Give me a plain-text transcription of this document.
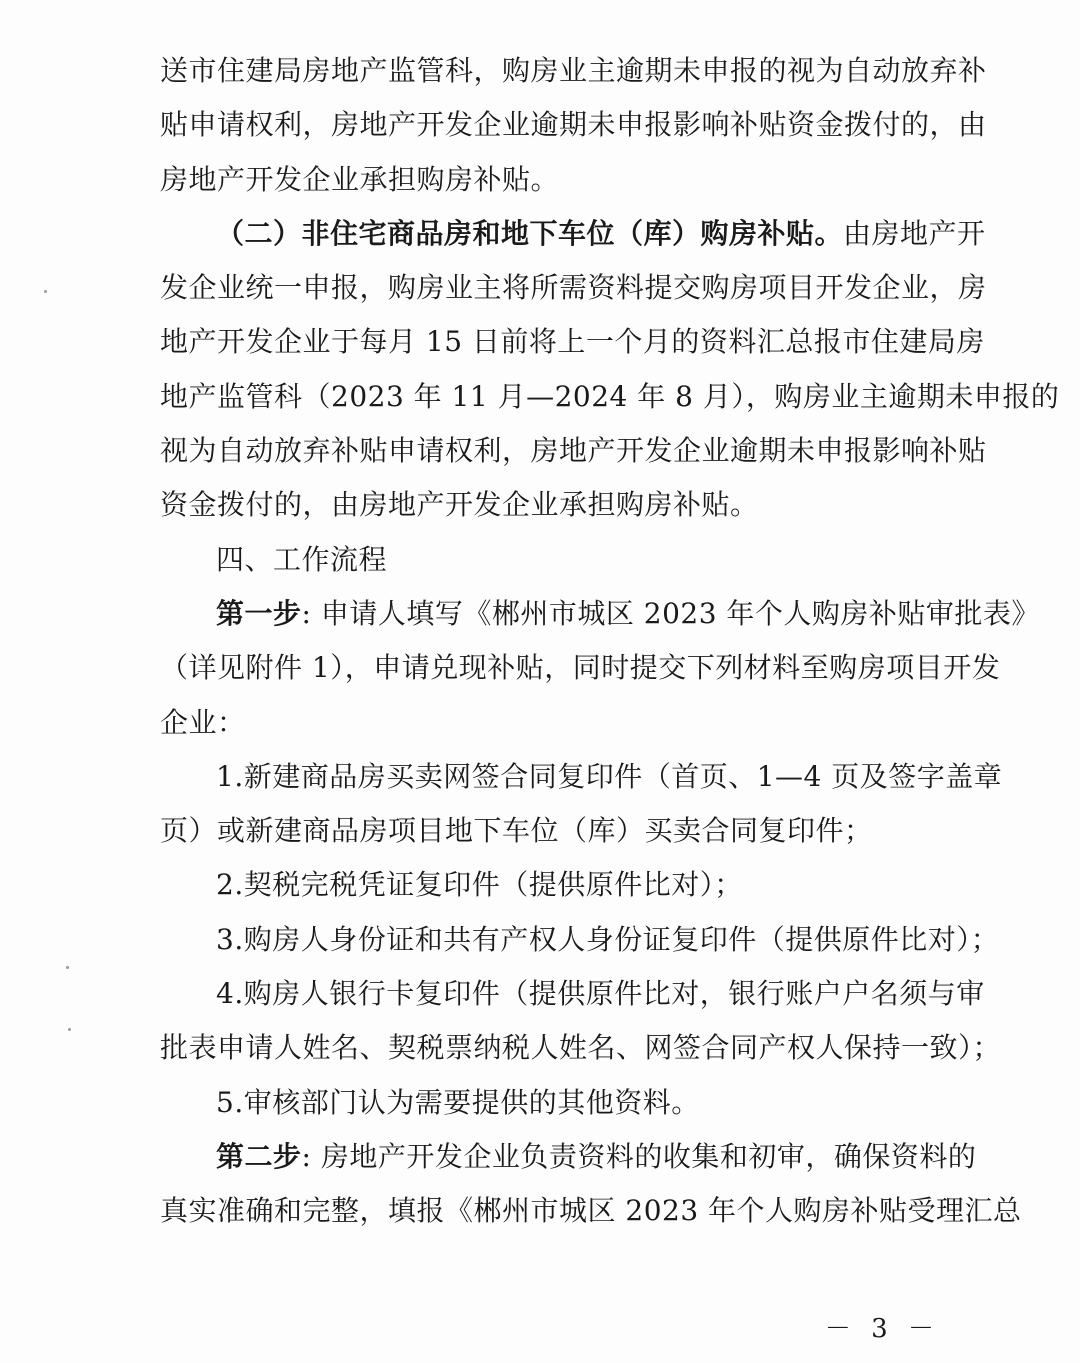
送市住建局房地产监管科，购房业主逾期未申报的视为自动放弃补
贴申请权利，房地产开发企业逾期未申报影响补贴资金拨付的，由
房地产开发企业承担购房补贴。
（二）非住宅商品房和地下车位（库）购房补贴。由房地产开
发企业统一申报，购房业主将所需资料提交购房项目开发企业，房
地产开发企业于每月 15 日前将上一个月的资料汇总报市住建局房
地产监管科（2023 年 11 月—2024 年 8 月），购房业主逾期未申报的
视为自动放弃补贴申请权利，房地产开发企业逾期未申报影响补贴
资金拨付的，由房地产开发企业承担购房补贴。
四、工作流程
第一步: 申请人填写《郴州市城区 2023 年个人购房补贴审批表》
（详见附件 1），申请兑现补贴，同时提交下列材料至购房项目开发
企业：
1.新建商品房买卖网签合同复印件（首页、1—4 页及签字盖章
页）或新建商品房项目地下车位（库）买卖合同复印件；
2.契税完税凭证复印件（提供原件比对）；
3.购房人身份证和共有产权人身份证复印件（提供原件比对）；
4.购房人银行卡复印件（提供原件比对，银行账户户名须与审
批表申请人姓名、契税票纳税人姓名、网签合同产权人保持一致）；
5.审核部门认为需要提供的其他资料。
第二步: 房地产开发企业负责资料的收集和初审，确保资料的
真实准确和完整，填报《郴州市城区 2023 年个人购房补贴受理汇总
－ 3 －
